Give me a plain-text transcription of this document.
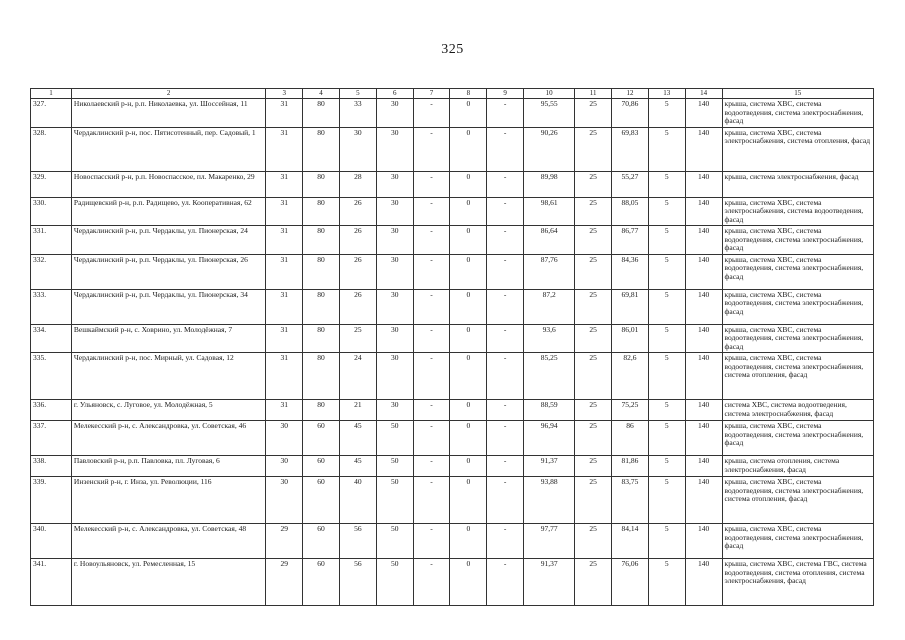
325
1	2	3	4	5	6	7	8	9	10	11	12	13	14	15
327.	Николаевский р-н, р.п. Николаевка, ул. Шоссейная, 11	31	80	33	30	-	0	-	95,55	25	70,86	5	140	крыша, система ХВС, система водоотведения, система электроснабжения, фасад
328.	Чердаклинский р-н, пос. Пятисотенный, пер. Садовый, 1	31	80	30	30	-	0	-	90,26	25	69,83	5	140	крыша, система ХВС, система электроснабжения, система отопления, фасад
329.	Новоспасский р-н, р.п. Новоспасское, пл. Макаренко, 29	31	80	28	30	-	0	-	89,98	25	55,27	5	140	крыша, система электроснабжения, фасад
330.	Радищевский р-н, р.п. Радищево, ул. Кооперативная, 62	31	80	26	30	-	0	-	98,61	25	88,05	5	140	крыша, система ХВС, система электроснабжения, система водоотведения, фасад
331.	Чердаклинский р-н, р.п. Чердаклы, ул. Пионерская, 24	31	80	26	30	-	0	-	86,64	25	86,77	5	140	крыша, система ХВС, система водоотведения, система электроснабжения, фасад
332.	Чердаклинский р-н, р.п. Чердаклы, ул. Пионерская, 26	31	80	26	30	-	0	-	87,76	25	84,36	5	140	крыша, система ХВС, система водоотведения, система электроснабжения, фасад
333.	Чердаклинский р-н, р.п. Чердаклы, ул. Пионерская, 34	31	80	26	30	-	0	-	87,2	25	69,81	5	140	крыша, система ХВС, система водоотведения, система электроснабжения, фасад
334.	Вешкаймский р-н, с. Ховрино, ул. Молодёжная, 7	31	80	25	30	-	0	-	93,6	25	86,01	5	140	крыша, система ХВС, система водоотведения, система электроснабжения, фасад
335.	Чердаклинский р-н, пос. Мирный, ул. Садовая, 12	31	80	24	30	-	0	-	85,25	25	82,6	5	140	крыша, система ХВС, система водоотведения, система электроснабжения, система отопления, фасад
336.	г. Ульяновск, с. Луговое, ул. Молодёжная, 5	31	80	21	30	-	0	-	88,59	25	75,25	5	140	система ХВС, система водоотведения, система электроснабжения, фасад
337.	Мелекесский р-н, с. Александровка, ул. Советская, 46	30	60	45	50	-	0	-	96,94	25	86	5	140	крыша, система ХВС, система водоотведения, система электроснабжения, фасад
338.	Павловский р-н, р.п. Павловка, пл. Луговая, 6	30	60	45	50	-	0	-	91,37	25	81,86	5	140	крыша, система отопления, система электроснабжения, фасад
339.	Инзенский р-н, г. Инза, ул. Революции, 116	30	60	40	50	-	0	-	93,88	25	83,75	5	140	крыша, система ХВС, система водоотведения, система электроснабжения, система отопления, фасад
340.	Мелекесский р-н, с. Александровка, ул. Советская, 48	29	60	56	50	-	0	-	97,77	25	84,14	5	140	крыша, система ХВС, система водоотведения, система электроснабжения, фасад
341.	г. Новоульяновск, ул. Ремесленная, 15	29	60	56	50	-	0	-	91,37	25	76,06	5	140	крыша, система ХВС, система ГВС, система водоотведения, система отопления, система электроснабжения, фасад
